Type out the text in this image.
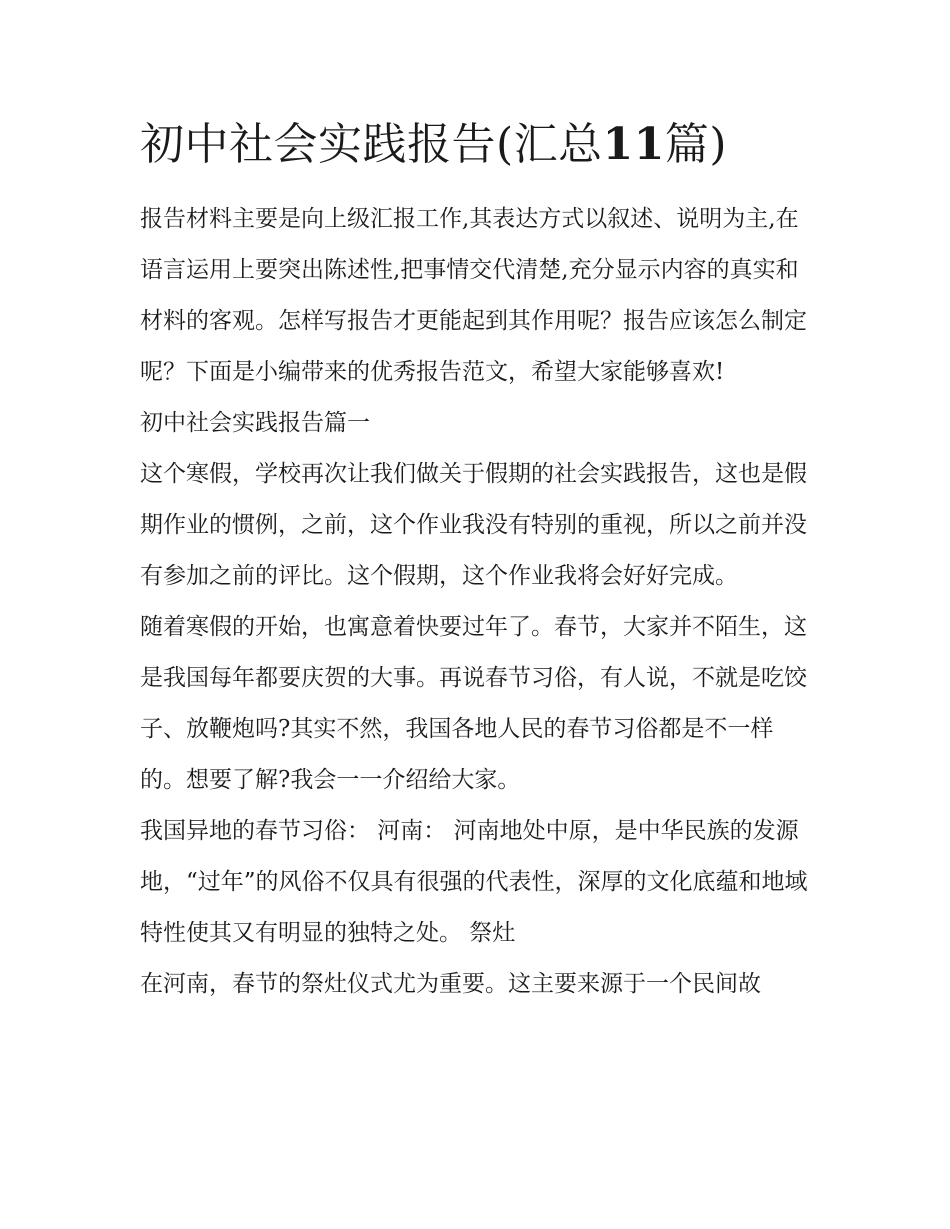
初中社会实践报告(汇总11篇)

报告材料主要是向上级汇报工作,其表达方式以叙述、说明为主,在语言运用上要突出陈述性,把事情交代清楚,充分显示内容的真实和材料的客观。怎样写报告才更能起到其作用呢？报告应该怎么制定呢？下面是小编带来的优秀报告范文，希望大家能够喜欢!

初中社会实践报告篇一

这个寒假，学校再次让我们做关于假期的社会实践报告，这也是假期作业的惯例，之前，这个作业我没有特别的重视，所以之前并没有参加之前的评比。这个假期，这个作业我将会好好完成。

随着寒假的开始，也寓意着快要过年了。春节，大家并不陌生，这是我国每年都要庆贺的大事。再说春节习俗，有人说，不就是吃饺子、放鞭炮吗?其实不然，我国各地人民的春节习俗都是不一样的。想要了解?我会一一介绍给大家。

我国异地的春节习俗： 河南： 河南地处中原，是中华民族的发源地，“过年”的风俗不仅具有很强的代表性，深厚的文化底蕴和地域特性使其又有明显的独特之处。 祭灶

在河南，春节的祭灶仪式尤为重要。这主要来源于一个民间故
